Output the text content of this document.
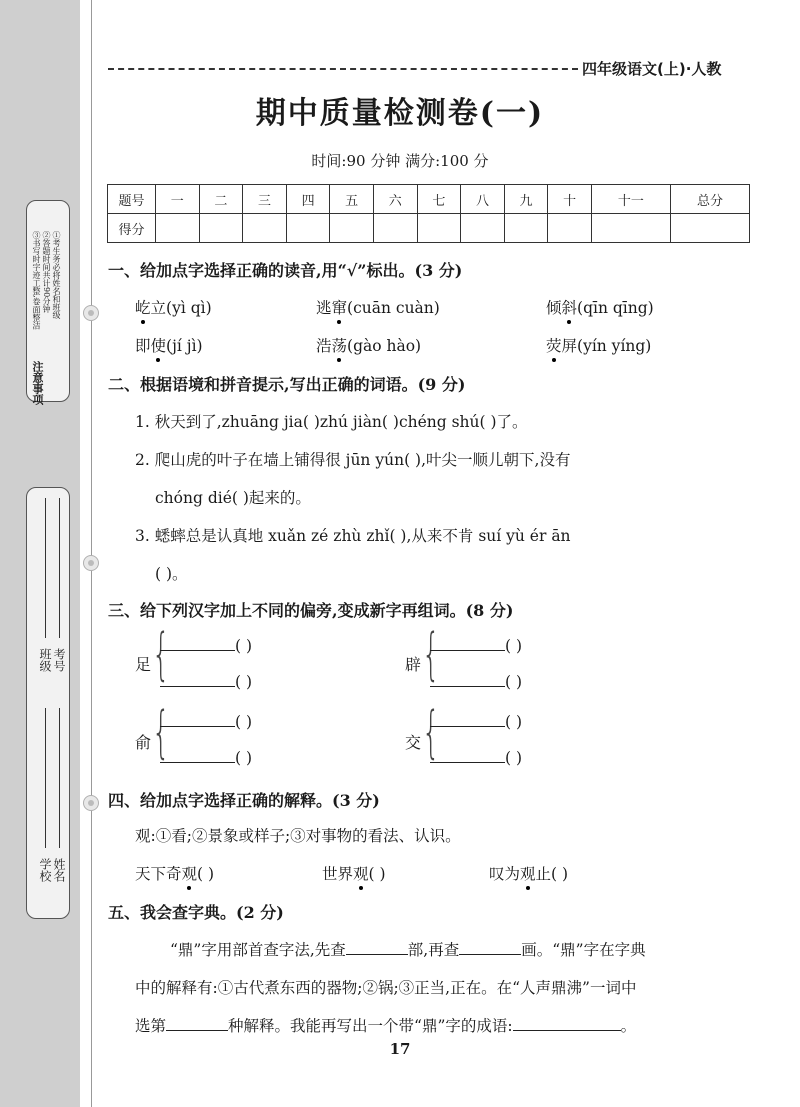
注意事项
①考生务必将姓名和班级
②答题时间共计90分钟
③书写时字迹工整,卷面整洁
班级 考号
学校 姓名
四年级语文(上)·人教
期中质量检测卷(一)
时间:90 分钟 满分:100 分
题号	一	二	三	四	五	六	七	八	九	十	十一	总分
得分												
一、给加点字选择正确的读音,用“√”标出。(3 分)
屹立(yì qì)	逃窜(cuān cuàn)	倾斜(qīn qīng)
即使(jí jì)	浩荡(gào hào)	荧屏(yín yíng)
二、根据语境和拼音提示,写出正确的词语。(9 分)
1. 秋天到了,zhuāng jia( )zhú jiàn( )chéng shú( )了。
2. 爬山虎的叶子在墙上铺得很 jūn yún( ),叶尖一顺儿朝下,没有
chóng dié( )起来的。
3. 蟋蟀总是认真地 xuǎn zé zhù zhǐ( ),从来不肯 suí yù ér ān
( )。
三、给下列汉字加上不同的偏旁,变成新字再组词。(8 分)
足 {	( )
( )
辟 {	( )
( )
俞 {	( )
( )
交 {	( )
( )
四、给加点字选择正确的解释。(3 分)
观:①看;②景象或样子;③对事物的看法、认识。
天下奇观( )	世界观( )	叹为观止( )
五、我会查字典。(2 分)
“鼎”字用部首查字法,先查	部,再查	画。“鼎”字在字典
中的解释有:①古代煮东西的器物;②锅;③正当,正在。在“人声鼎沸”一词中
选第	种解释。我能再写出一个带“鼎”字的成语:	。
17
